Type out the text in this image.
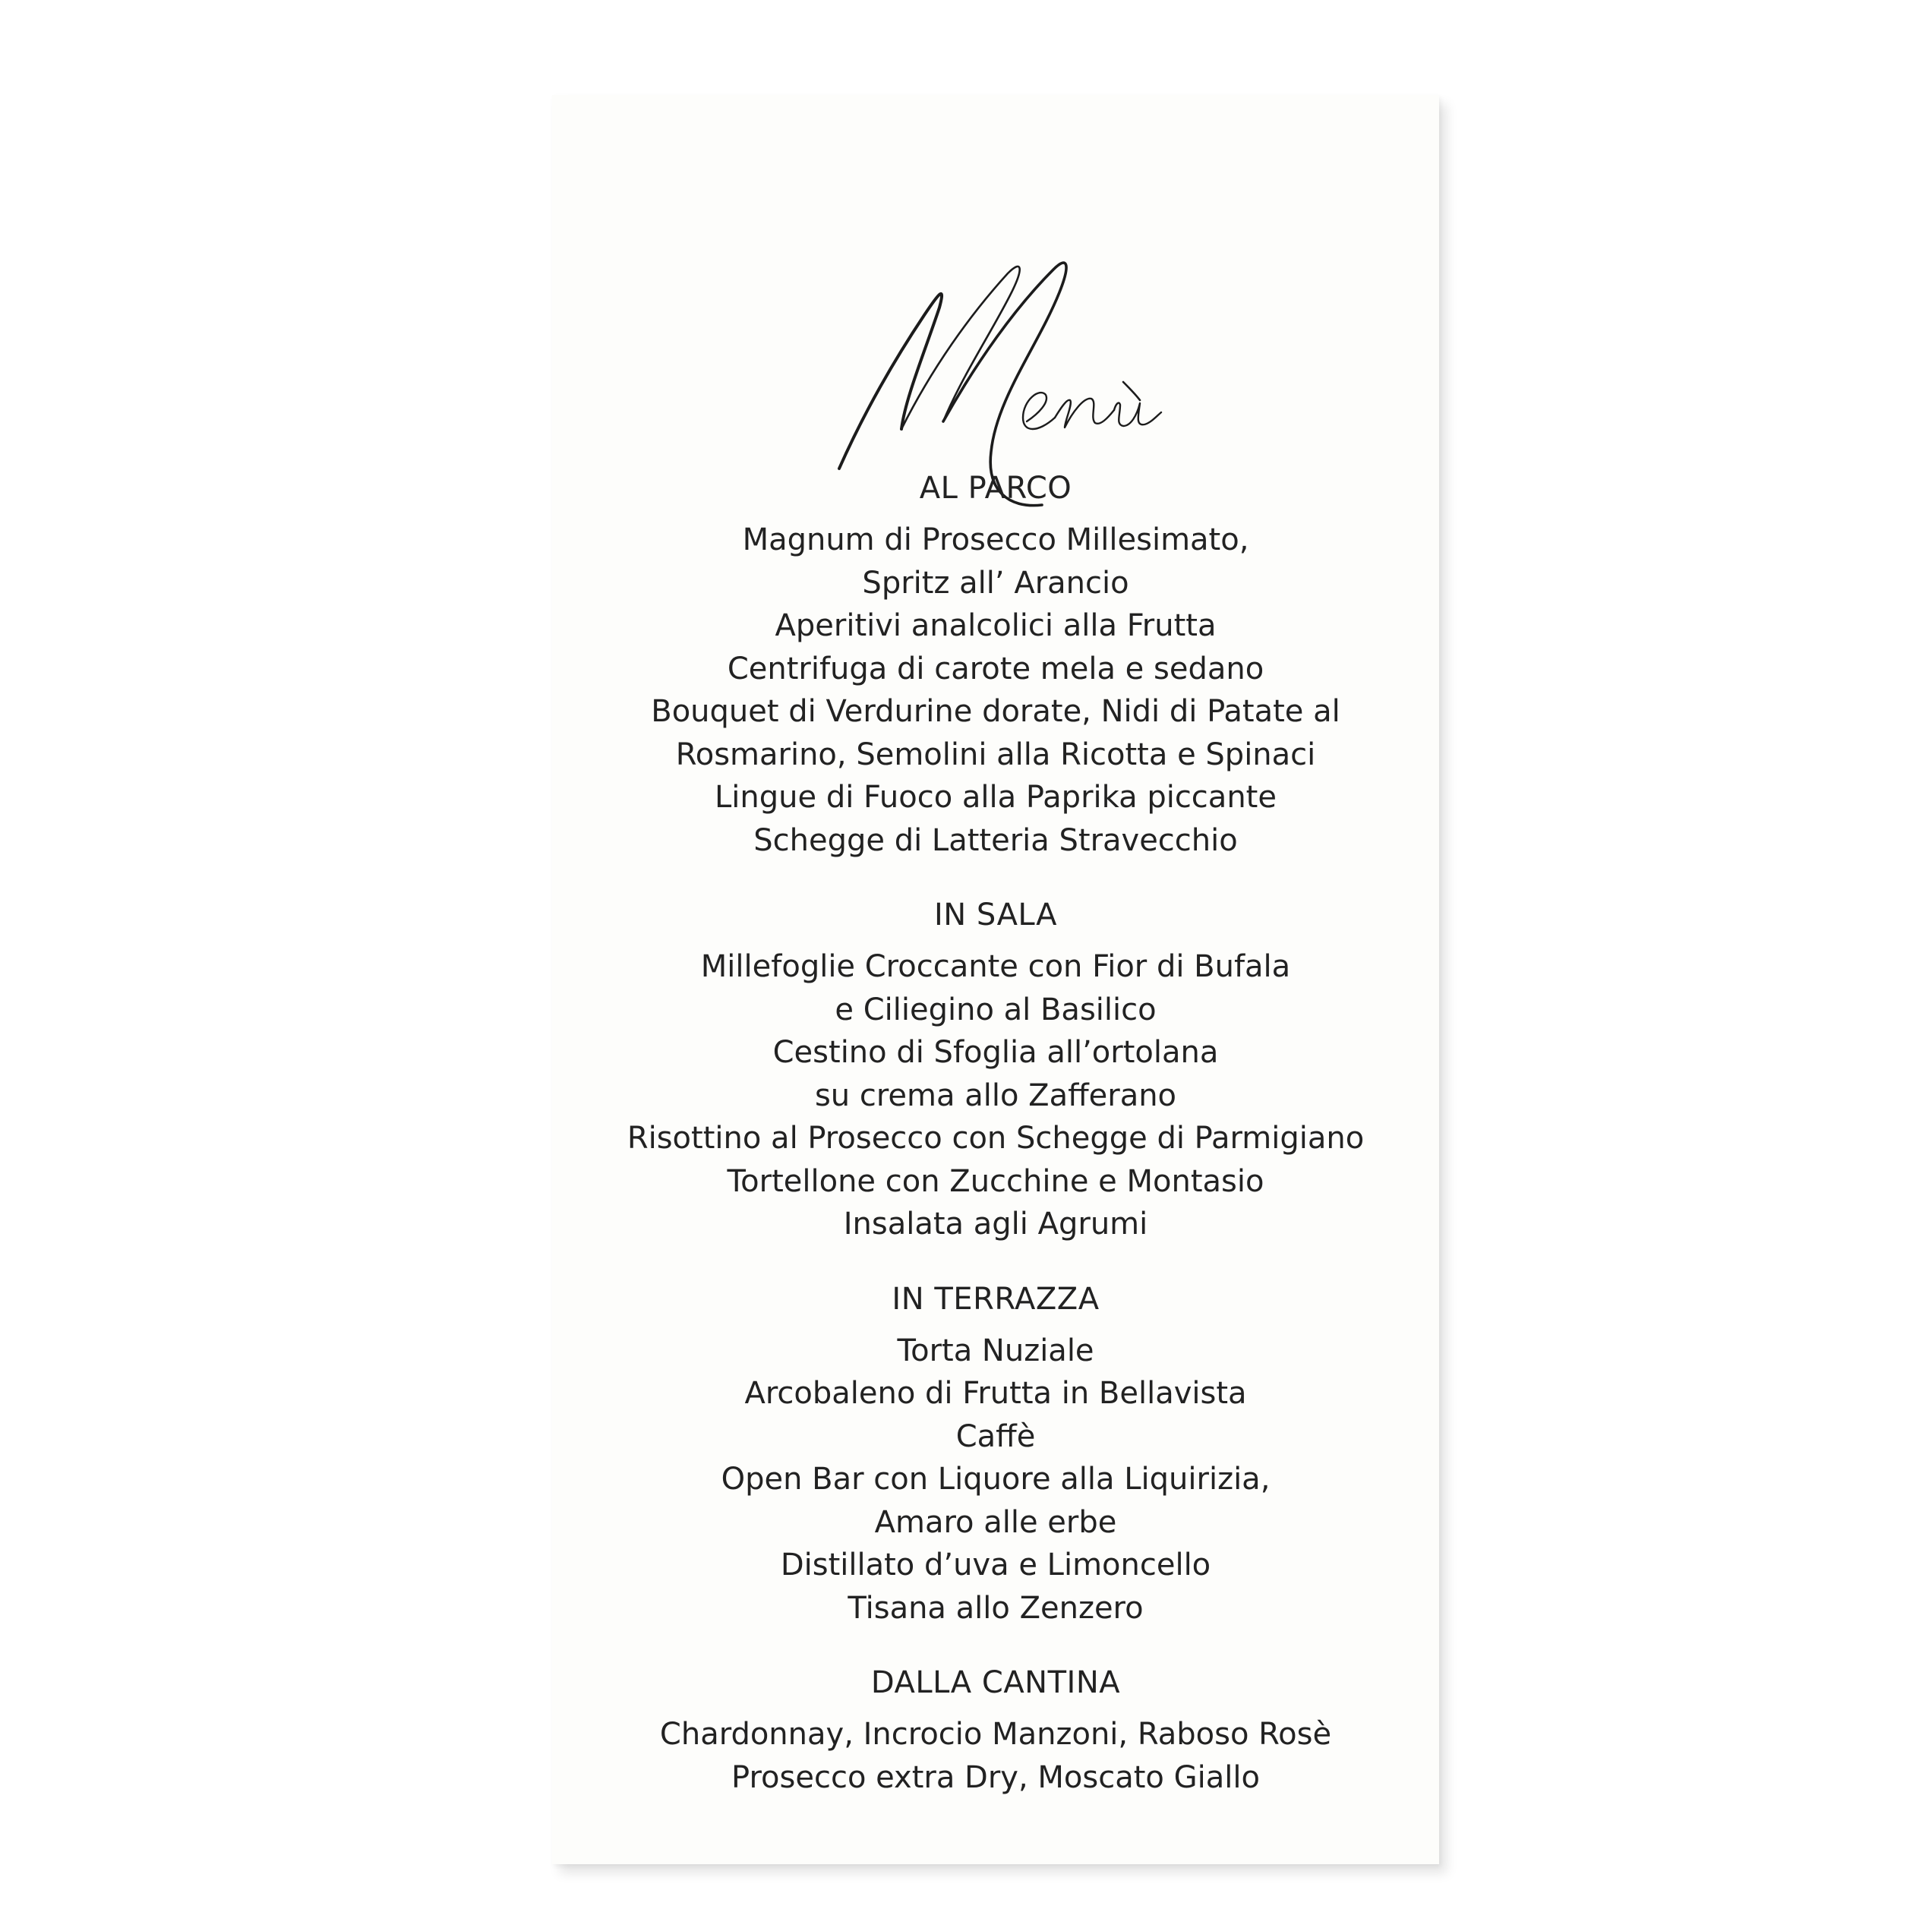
AL PARCO

Magnum di Prosecco Millesimato,

Spritz all’ Arancio

Aperitivi analcolici alla Frutta

Centrifuga di carote mela e sedano

Bouquet di Verdurine dorate, Nidi di Patate al

Rosmarino, Semolini alla Ricotta e Spinaci

Lingue di Fuoco alla Paprika piccante

Schegge di Latteria Stravecchio

IN SALA

Millefoglie Croccante con Fior di Bufala

e Ciliegino al Basilico

Cestino di Sfoglia all’ortolana

su crema allo Zafferano

Risottino al Prosecco con Schegge di Parmigiano

Tortellone con Zucchine e Montasio

Insalata agli Agrumi

IN TERRAZZA

Torta Nuziale

Arcobaleno di Frutta in Bellavista

Caffè

Open Bar con Liquore alla Liquirizia,

Amaro alle erbe

Distillato d’uva e Limoncello

Tisana allo Zenzero

DALLA CANTINA

Chardonnay, Incrocio Manzoni, Raboso Rosè

Prosecco extra Dry, Moscato Giallo
